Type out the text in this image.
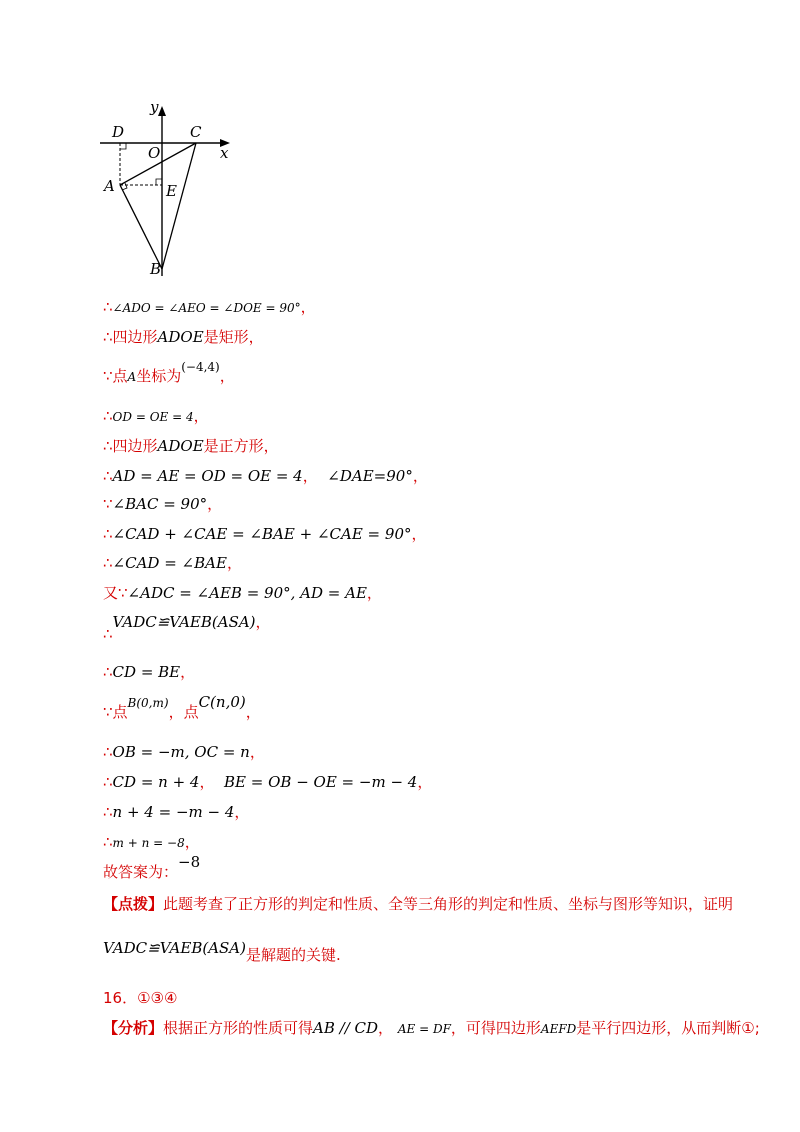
y
x
D	C
O
A	E
B
∴∠ADO = ∠AEO = ∠DOE = 90°，
∴四边形ADOE是矩形，
∵点A坐标为$^{(-4,4)}$，
∴OD = OE = 4，
∴四边形ADOE是正方形，
∴AD = AE = OD = OE = 4， ∠DAE=90°，
∵∠BAC = 90°，
∴∠CAD + ∠CAE = ∠BAE + ∠CAE = 90°，
∴∠CAD = ∠BAE，
又∵∠ADC = ∠AEB = 90°, AD = AE，
∴VADC≌VAEB(ASA)，
∴CD = BE，
∵点$^{B(0,m)}$，点C(n,0)，
∴OB = −m, OC = n，
∴CD = n + 4， BE = OB − OE = −m − 4，
∴n + 4 = −m − 4，
∴m + n = −8，
故答案为：−8
【点拨】此题考查了正方形的判定和性质、全等三角形的判定和性质、坐标与图形等知识，证明
VADC≌VAEB(ASA)是解题的关键.
16．①③④
【分析】根据正方形的性质可得AB // CD， AE = DF，可得四边形AEFD是平行四边形，从而判断①;
